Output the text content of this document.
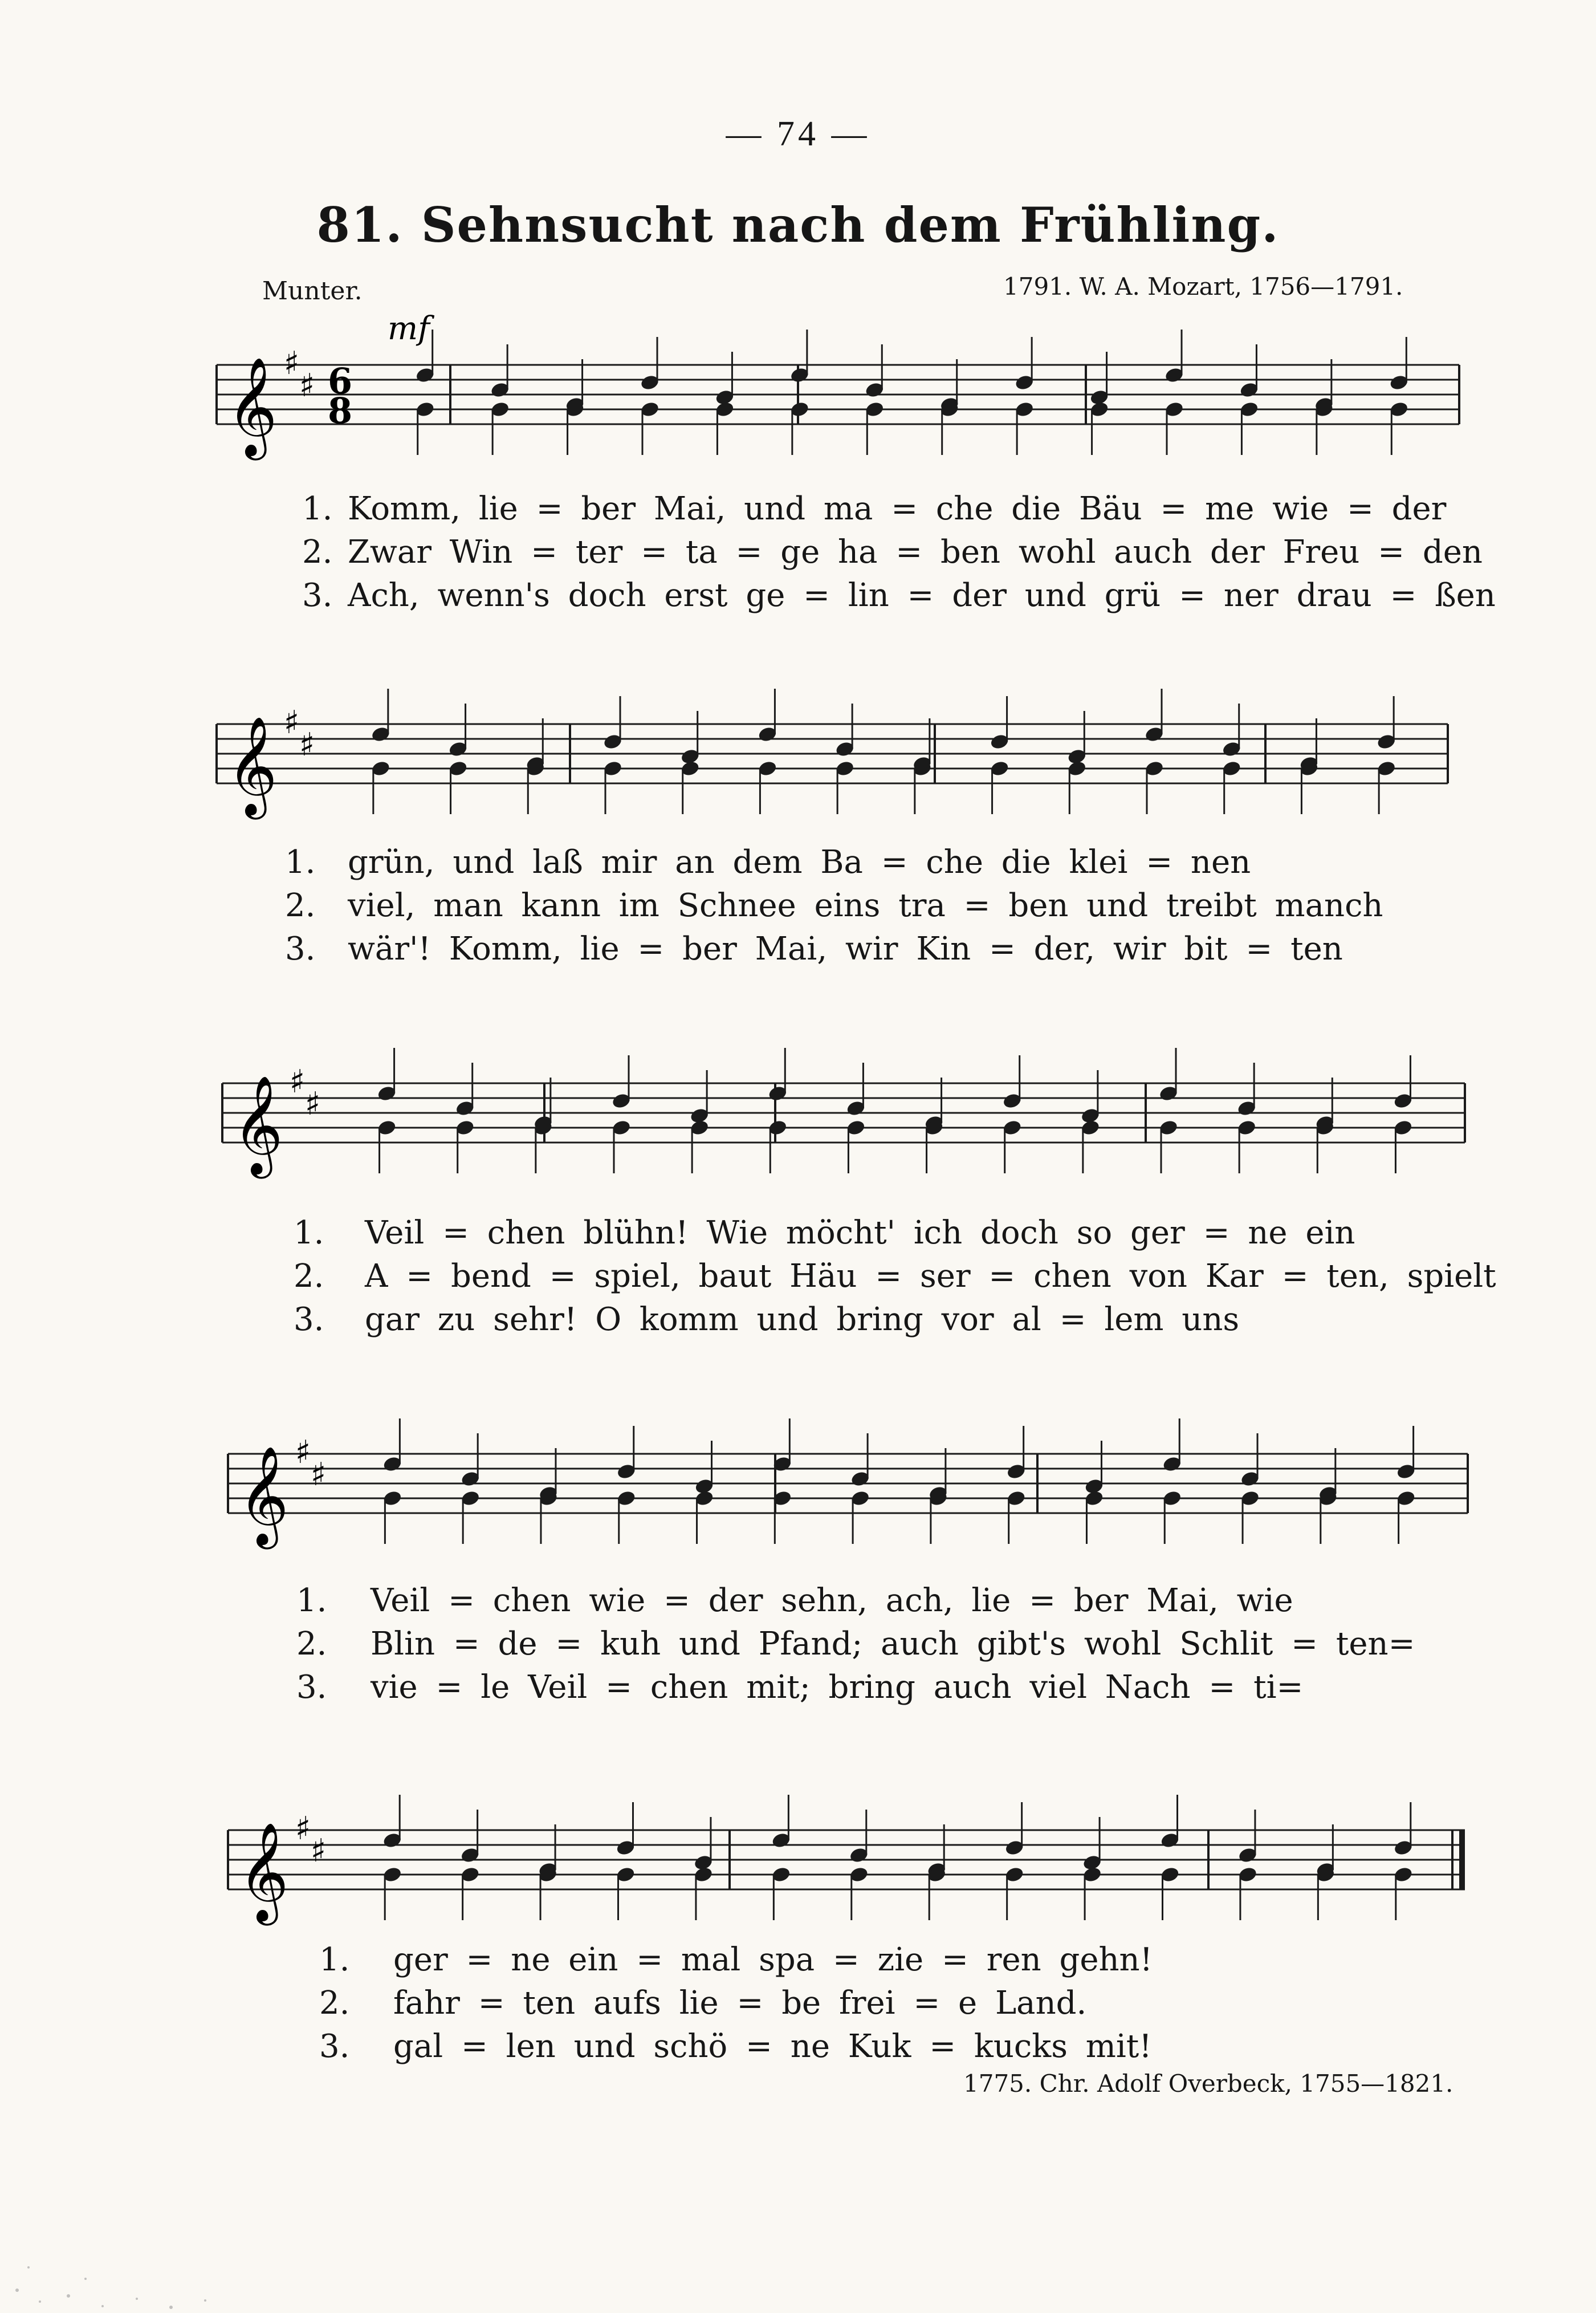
— 74 —
81. Sehnsucht nach dem Frühling.
Munter.	1791. W. A. Mozart, 1756—1791.
mf
𝄞 ♯
♯ 6
8
1. Komm, lie = ber Mai, und ma = che die Bäu = me wie = der
2. Zwar Win = ter = ta = ge ha = ben wohl auch der Freu = den
3. Ach, wenn's doch erst ge = lin = der und grü = ner drau = ßen
𝄞 ♯
♯
1. grün, und laß mir an dem Ba = che die klei = nen
2. viel, man kann im Schnee eins tra = ben und treibt manch
3. wär'! Komm, lie = ber Mai, wir Kin = der, wir bit = ten
𝄞 ♯
♯
1. Veil = chen blühn! Wie möcht' ich doch so ger = ne ein
2. A = bend = spiel, baut Häu = ser = chen von Kar = ten, spielt
3. gar zu sehr! O komm und bring vor al = lem uns
𝄞 ♯
♯
1. Veil = chen wie = der sehn, ach, lie = ber Mai, wie
2. Blin = de = kuh und Pfand; auch gibt's wohl Schlit = ten=
3. vie = le Veil = chen mit; bring auch viel Nach = ti=
𝄞 ♯
♯
1. ger = ne ein = mal spa = zie = ren gehn!
2. fahr = ten aufs lie = be frei = e Land.
3. gal = len und schö = ne Kuk = kucks mit!
1775. Chr. Adolf Overbeck, 1755—1821.
